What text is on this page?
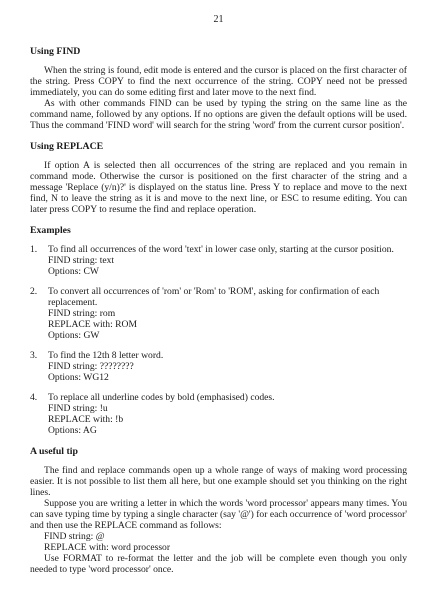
21
Using FIND

When the string is found, edit mode is entered and the cursor is placed on the first character of the string. Press COPY to find the next occurrence of the string. COPY need not be pressed immediately, you can do some editing first and later move to the next find.

As with other commands FIND can be used by typing the string on the same line as the command name, followed by any options. If no options are given the default options will be used. Thus the command 'FIND word' will search for the string 'word' from the current cursor position'.

Using REPLACE

If option A is selected then all occurrences of the string are replaced and you remain in command mode. Otherwise the cursor is positioned on the first character of the string and a message 'Replace (y/n)?' is displayed on the status line. Press Y to replace and move to the next find, N to leave the string as it is and move to the next line, or ESC to resume editing. You can later press COPY to resume the find and replace operation.

Examples
1. To find all occurrences of the word 'text' in lower case only, starting at the cursor position.
FIND string: text
Options: CW
2. To convert all occurrences of 'rom' or 'Rom' to 'ROM', asking for confirmation of each replacement.
FIND string: rom
REPLACE with: ROM
Options: GW
3. To find the 12th 8 letter word.
FIND string: ????????
Options: WG12
4. To replace all underline codes by bold (emphasised) codes.
FIND string: !u
REPLACE with: !b
Options: AG
A useful tip

The find and replace commands open up a whole range of ways of making word processing easier. It is not possible to list them all here, but one example should set you thinking on the right lines.

Suppose you are writing a letter in which the words 'word processor' appears many times. You can save typing time by typing a single character (say '@') for each occurrence of 'word processor' and then use the REPLACE command as follows:

FIND string: @
REPLACE with: word processor

Use FORMAT to re-format the letter and the job will be complete even though you only needed to type 'word processor' once.
